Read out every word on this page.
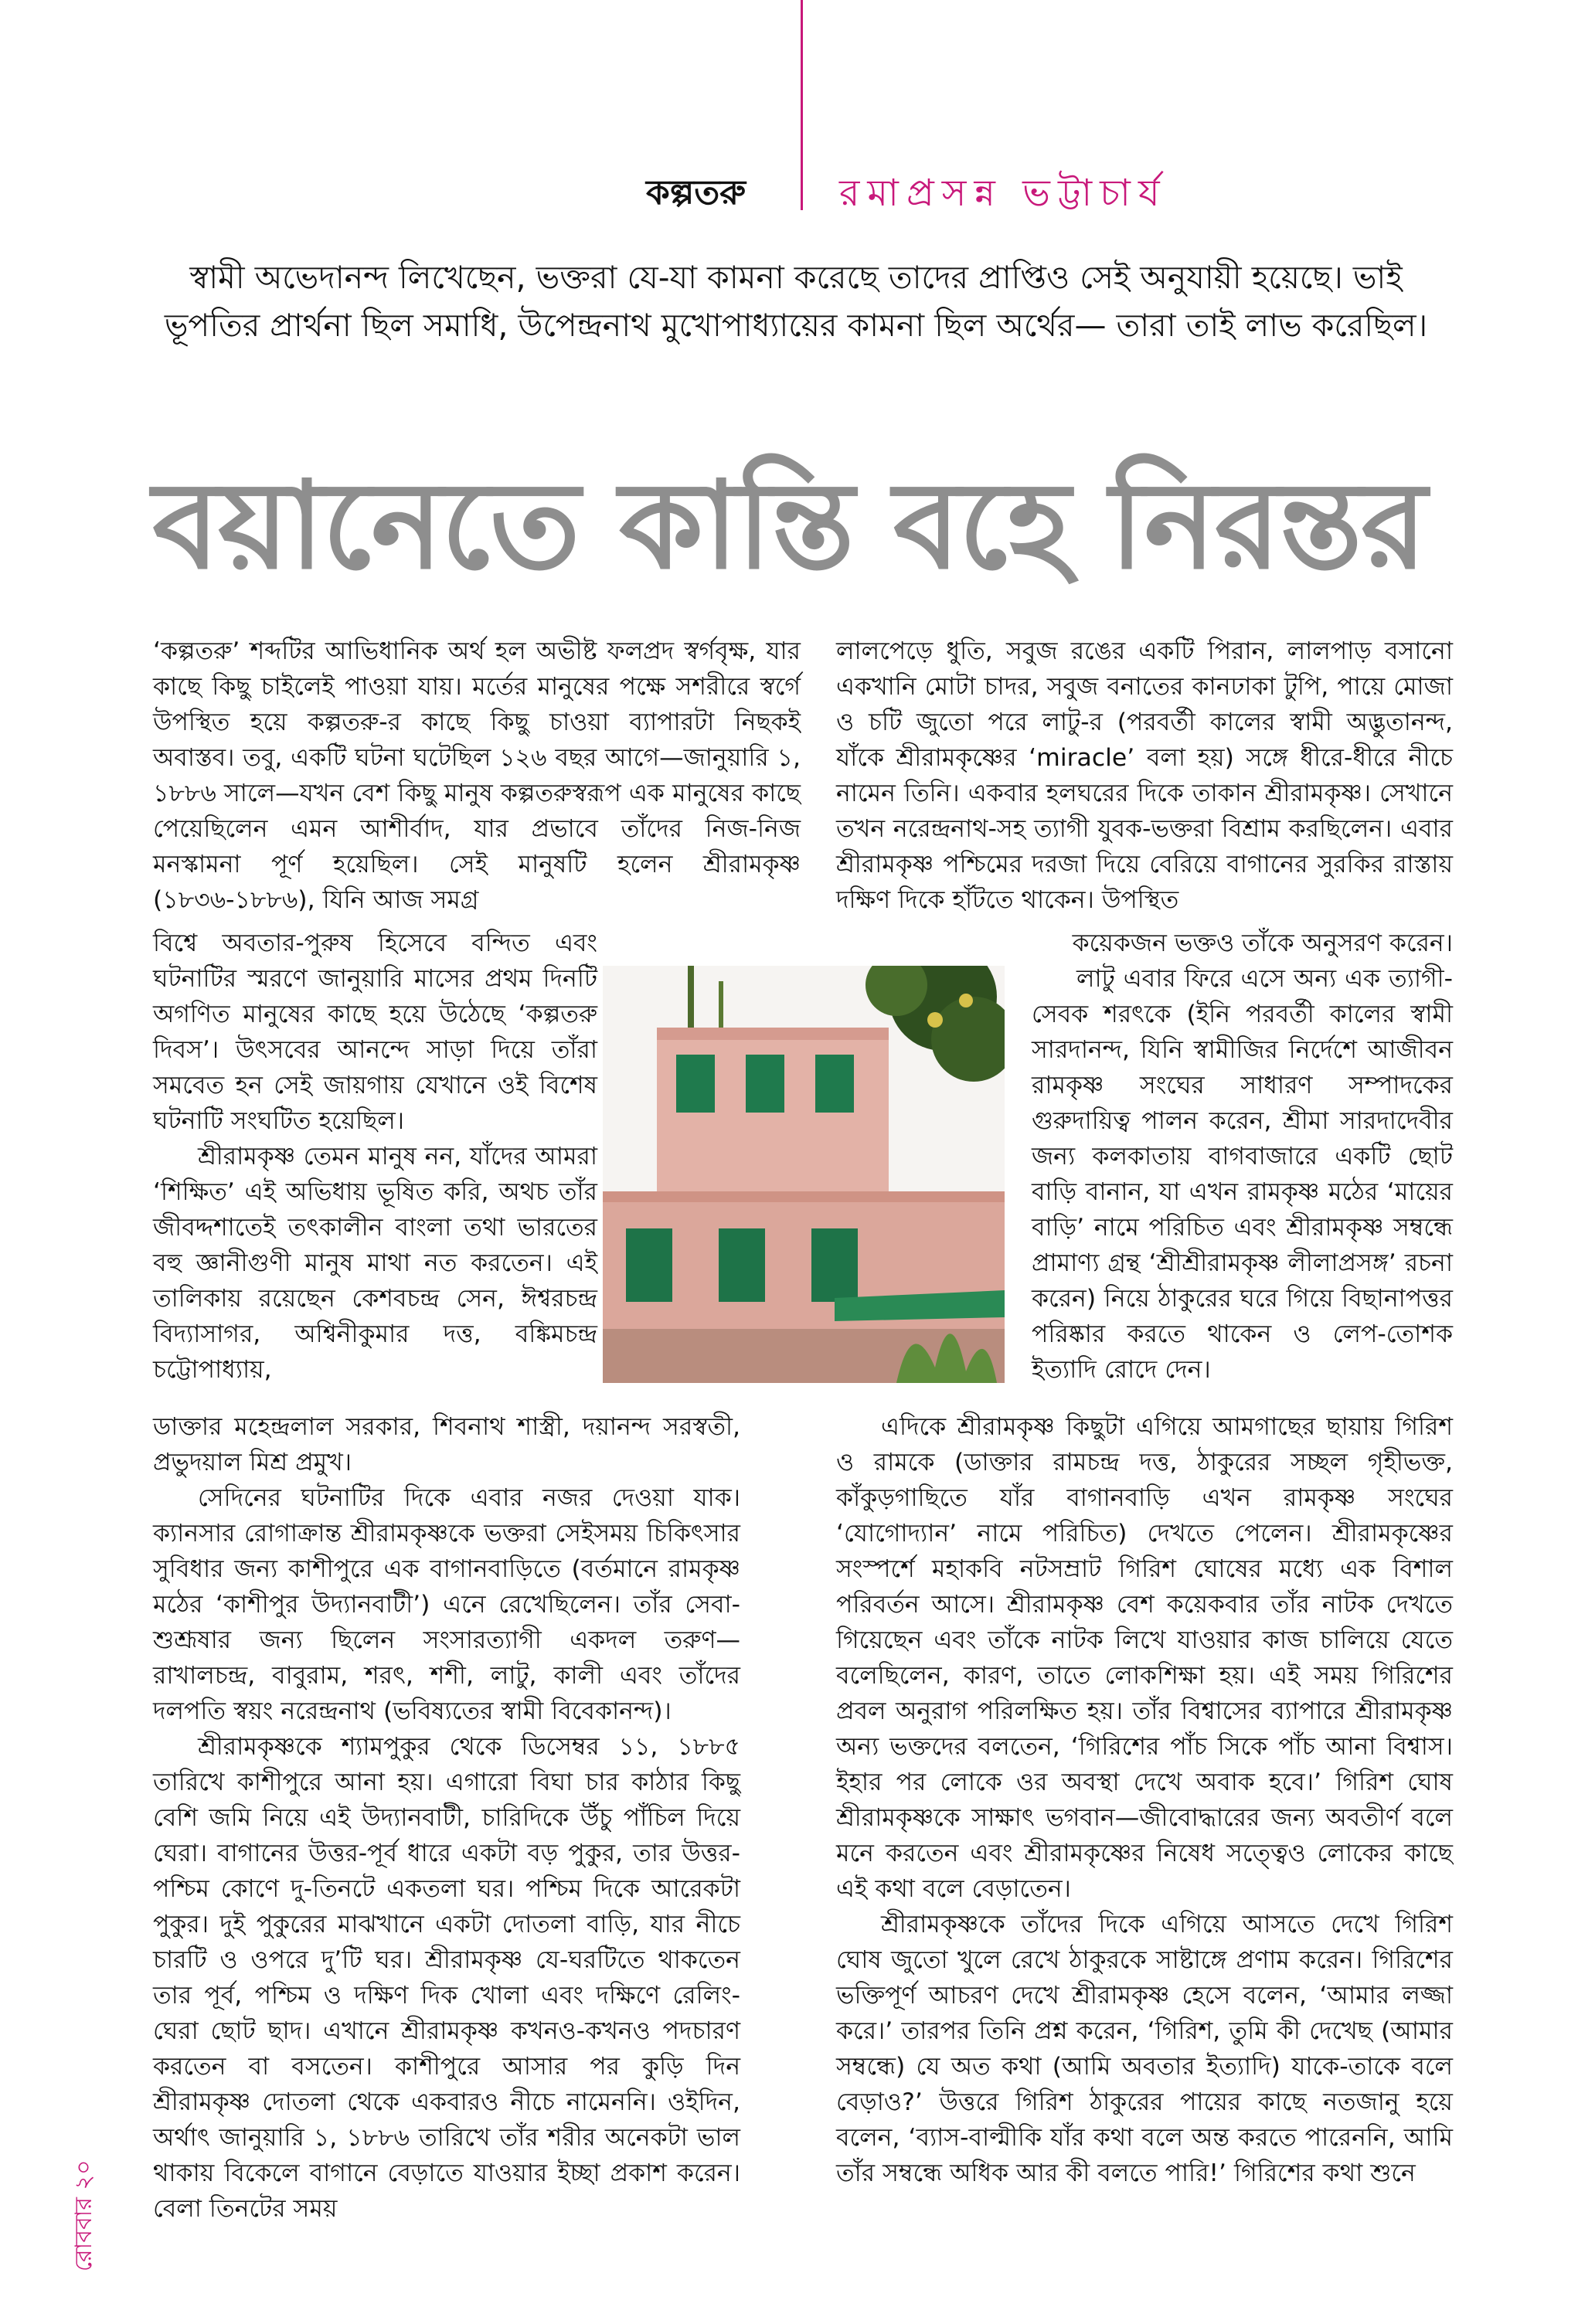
কল্পতরু	রমাপ্রসন্ন ভট্টাচার্য
স্বামী অভেদানন্দ লিখেছেন, ভক্তরা যে-যা কামনা করেছে তাদের প্রাপ্তিও সেই অনুযায়ী হয়েছে। ভাই ভূপতির প্রার্থনা ছিল সমাধি, উপেন্দ্রনাথ মুখোপাধ্যায়ের কামনা ছিল অর্থের— তারা তাই লাভ করেছিল।
বয়ানেতে কান্তি বহে নিরন্তর

‘কল্পতরু’ শব্দটির আভিধানিক অর্থ হল অভীষ্ট ফলপ্রদ স্বর্গবৃক্ষ, যার কাছে কিছু চাইলেই পাওয়া যায়। মর্তের মানুষের পক্ষে সশরীরে স্বর্গে উপস্থিত হয়ে কল্পতরু-র কাছে কিছু চাওয়া ব্যাপারটা নিছকই অবাস্তব। তবু, একটি ঘটনা ঘটেছিল ১২৬ বছর আগে—জানুয়ারি ১, ১৮৮৬ সালে—যখন বেশ কিছু মানুষ কল্পতরুস্বরূপ এক মানুষের কাছে পেয়েছিলেন এমন আশীর্বাদ, যার প্রভাবে তাঁদের নিজ-নিজ মনস্কামনা পূর্ণ হয়েছিল। সেই মানুষটি হলেন শ্রীরামকৃষ্ণ (১৮৩৬-১৮৮৬), যিনি আজ সমগ্র

বিশ্বে অবতার-পুরুষ হিসেবে বন্দিত এবং ঘটনাটির স্মরণে জানুয়ারি মাসের প্রথম দিনটি অগণিত মানুষের কাছে হয়ে উঠেছে ‘কল্পতরু দিবস’। উৎসবের আনন্দে সাড়া দিয়ে তাঁরা সমবেত হন সেই জায়গায় যেখানে ওই বিশেষ ঘটনাটি সংঘটিত হয়েছিল।

শ্রীরামকৃষ্ণ তেমন মানুষ নন, যাঁদের আমরা ‘শিক্ষিত’ এই অভিধায় ভূষিত করি, অথচ তাঁর জীবদ্দশাতেই তৎকালীন বাংলা তথা ভারতের বহু জ্ঞানীগুণী মানুষ মাথা নত করতেন। এই তালিকায় রয়েছেন কেশবচন্দ্র সেন, ঈশ্বরচন্দ্র বিদ্যাসাগর, অশ্বিনীকুমার দত্ত, বঙ্কিমচন্দ্র চট্টোপাধ্যায়,

ডাক্তার মহেন্দ্রলাল সরকার, শিবনাথ শাস্ত্রী, দয়ানন্দ সরস্বতী, প্রভুদয়াল মিশ্র প্রমুখ।

সেদিনের ঘটনাটির দিকে এবার নজর দেওয়া যাক। ক্যানসার রোগাক্রান্ত শ্রীরামকৃষ্ণকে ভক্তরা সেইসময় চিকিৎসার সুবিধার জন্য কাশীপুরে এক বাগানবাড়িতে (বর্তমানে রামকৃষ্ণ মঠের ‘কাশীপুর উদ্যানবাটী’) এনে রেখেছিলেন। তাঁর সেবা-শুশ্রূষার জন্য ছিলেন সংসারত্যাগী একদল তরুণ—রাখালচন্দ্র, বাবুরাম, শরৎ, শশী, লাটু, কালী এবং তাঁদের দলপতি স্বয়ং নরেন্দ্রনাথ (ভবিষ্যতের স্বামী বিবেকানন্দ)।

শ্রীরামকৃষ্ণকে শ্যামপুকুর থেকে ডিসেম্বর ১১, ১৮৮৫ তারিখে কাশীপুরে আনা হয়। এগারো বিঘা চার কাঠার কিছু বেশি জমি নিয়ে এই উদ্যানবাটী, চারিদিকে উঁচু পাঁচিল দিয়ে ঘেরা। বাগানের উত্তর-পূর্ব ধারে একটা বড় পুকুর, তার উত্তর-পশ্চিম কোণে দু-তিনটে একতলা ঘর। পশ্চিম দিকে আরেকটা পুকুর। দুই পুকুরের মাঝখানে একটা দোতলা বাড়ি, যার নীচে চারটি ও ওপরে দু’টি ঘর। শ্রীরামকৃষ্ণ যে-ঘরটিতে থাকতেন তার পূর্ব, পশ্চিম ও দক্ষিণ দিক খোলা এবং দক্ষিণে রেলিং-ঘেরা ছোট ছাদ। এখানে শ্রীরামকৃষ্ণ কখনও-কখনও পদচারণ করতেন বা বসতেন। কাশীপুরে আসার পর কুড়ি দিন শ্রীরামকৃষ্ণ দোতলা থেকে একবারও নীচে নামেননি। ওইদিন, অর্থাৎ জানুয়ারি ১, ১৮৮৬ তারিখে তাঁর শরীর অনেকটা ভাল থাকায় বিকেলে বাগানে বেড়াতে যাওয়ার ইচ্ছা প্রকাশ করেন। বেলা তিনটের সময়

লালপেড়ে ধুতি, সবুজ রঙের একটি পিরান, লালপাড় বসানো একখানি মোটা চাদর, সবুজ বনাতের কানঢাকা টুপি, পায়ে মোজা ও চটি জুতো পরে লাটু-র (পরবর্তী কালের স্বামী অদ্ভুতানন্দ, যাঁকে শ্রীরামকৃষ্ণের ‘miracle’ বলা হয়) সঙ্গে ধীরে-ধীরে নীচে নামেন তিনি। একবার হলঘরের দিকে তাকান শ্রীরামকৃষ্ণ। সেখানে তখন নরেন্দ্রনাথ-সহ ত্যাগী যুবক-ভক্তরা বিশ্রাম করছিলেন। এবার শ্রীরামকৃষ্ণ পশ্চিমের দরজা দিয়ে বেরিয়ে বাগানের সুরকির রাস্তায় দক্ষিণ দিকে হাঁটতে থাকেন। উপস্থিত

কয়েকজন ভক্তও তাঁকে অনুসরণ করেন।

লাটু এবার ফিরে এসে অন্য এক ত্যাগী-সেবক শরৎকে (ইনি পরবর্তী কালের স্বামী সারদানন্দ, যিনি স্বামীজির নির্দেশে আজীবন রামকৃষ্ণ সংঘের সাধারণ সম্পাদকের গুরুদায়িত্ব পালন করেন, শ্রীমা সারদাদেবীর জন্য কলকাতায় বাগবাজারে একটি ছোট বাড়ি বানান, যা এখন রামকৃষ্ণ মঠের ‘মায়ের বাড়ি’ নামে পরিচিত এবং শ্রীরামকৃষ্ণ সম্বন্ধে প্রামাণ্য গ্রন্থ ‘শ্রীশ্রীরামকৃষ্ণ লীলাপ্রসঙ্গ’ রচনা করেন) নিয়ে ঠাকুরের ঘরে গিয়ে বিছানাপত্তর পরিষ্কার করতে থাকেন ও লেপ-তোশক ইত্যাদি রোদে দেন।

এদিকে শ্রীরামকৃষ্ণ কিছুটা এগিয়ে আমগাছের ছায়ায় গিরিশ ও রামকে (ডাক্তার রামচন্দ্র দত্ত, ঠাকুরের সচ্ছল গৃহীভক্ত, কাঁকুড়গাছিতে যাঁর বাগানবাড়ি এখন রামকৃষ্ণ সংঘের ‘যোগোদ্যান’ নামে পরিচিত) দেখতে পেলেন। শ্রীরামকৃষ্ণের সংস্পর্শে মহাকবি নটসম্রাট গিরিশ ঘোষের মধ্যে এক বিশাল পরিবর্তন আসে। শ্রীরামকৃষ্ণ বেশ কয়েকবার তাঁর নাটক দেখতে গিয়েছেন এবং তাঁকে নাটক লিখে যাওয়ার কাজ চালিয়ে যেতে বলেছিলেন, কারণ, তাতে লোকশিক্ষা হয়। এই সময় গিরিশের প্রবল অনুরাগ পরিলক্ষিত হয়। তাঁর বিশ্বাসের ব্যাপারে শ্রীরামকৃষ্ণ অন্য ভক্তদের বলতেন, ‘গিরিশের পাঁচ সিকে পাঁচ আনা বিশ্বাস। ইহার পর লোকে ওর অবস্থা দেখে অবাক হবে।’ গিরিশ ঘোষ শ্রীরামকৃষ্ণকে সাক্ষাৎ ভগবান—জীবোদ্ধারের জন্য অবতীর্ণ বলে মনে করতেন এবং শ্রীরামকৃষ্ণের নিষেধ সত্ত্বেও লোকের কাছে এই কথা বলে বেড়াতেন।

শ্রীরামকৃষ্ণকে তাঁদের দিকে এগিয়ে আসতে দেখে গিরিশ ঘোষ জুতো খুলে রেখে ঠাকুরকে সাষ্টাঙ্গে প্রণাম করেন। গিরিশের ভক্তিপূর্ণ আচরণ দেখে শ্রীরামকৃষ্ণ হেসে বলেন, ‘আমার লজ্জা করে।’ তারপর তিনি প্রশ্ন করেন, ‘গিরিশ, তুমি কী দেখেছ (আমার সম্বন্ধে) যে অত কথা (আমি অবতার ইত্যাদি) যাকে-তাকে বলে বেড়াও?’ উত্তরে গিরিশ ঠাকুরের পায়ের কাছে নতজানু হয়ে বলেন, ‘ব্যাস-বাল্মীকি যাঁর কথা বলে অন্ত করতে পারেননি, আমি তাঁর সম্বন্ধে অধিক আর কী বলতে পারি!’ গিরিশের কথা শুনে

রোববার ২০
